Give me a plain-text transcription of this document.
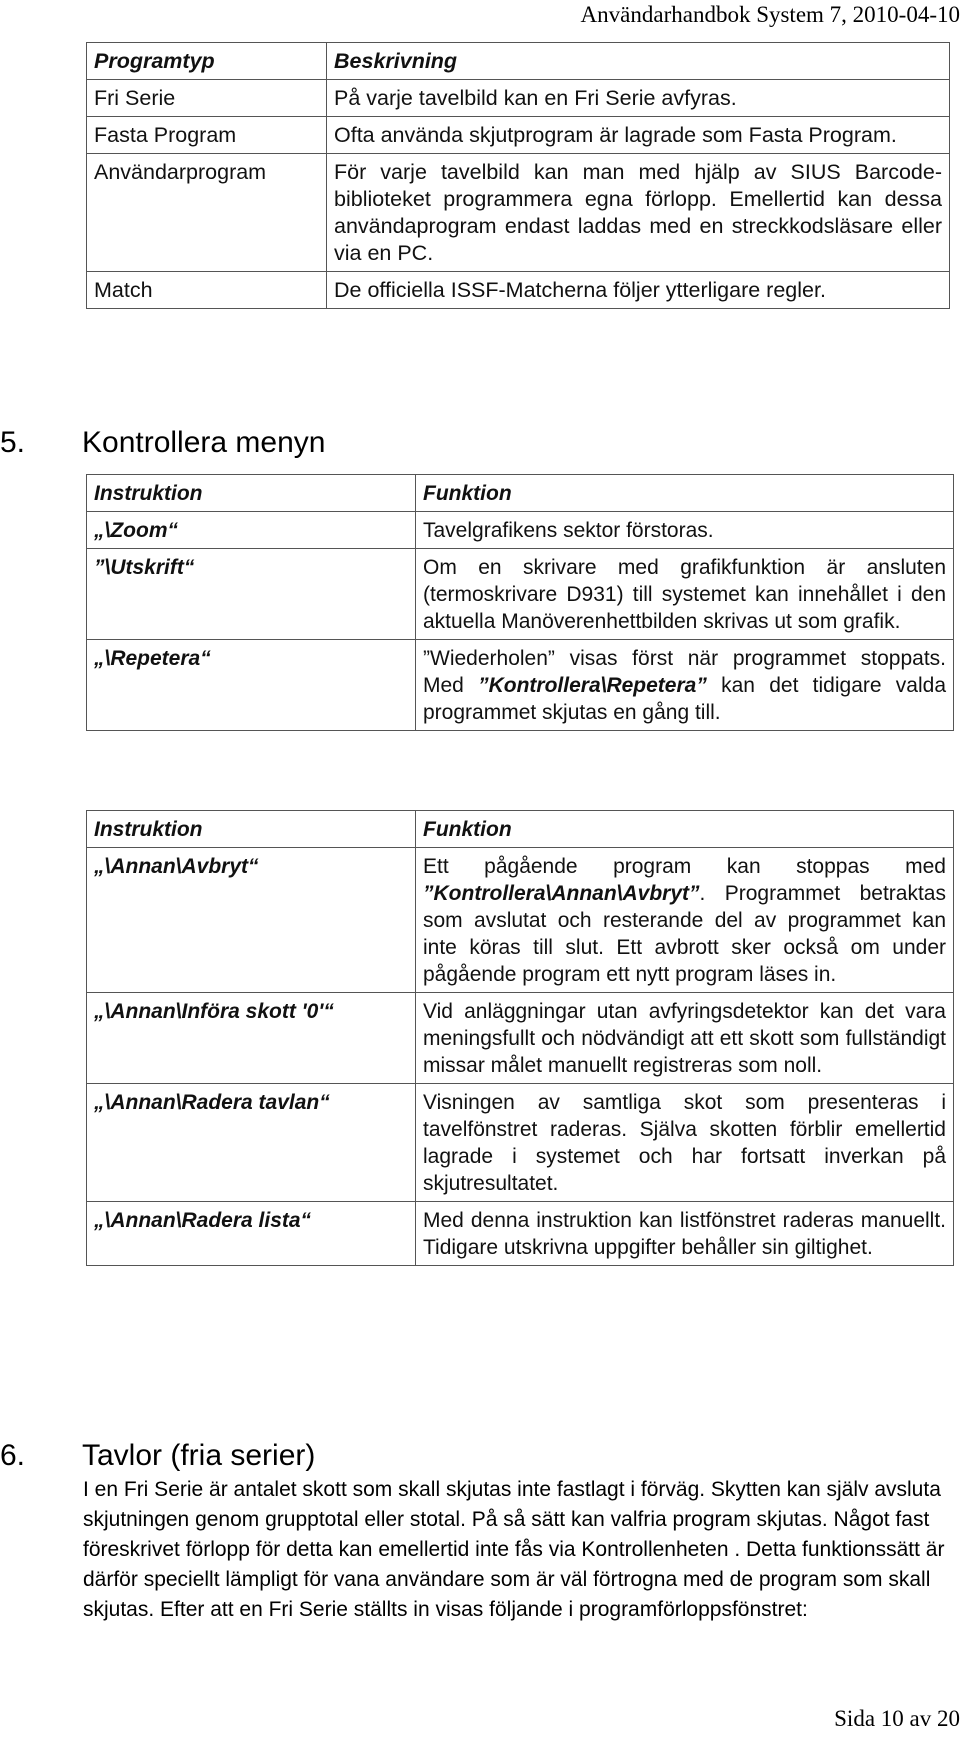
Användarhandbok System 7, 2010-04-10
Programtyp	Beskrivning
Fri Serie	På varje tavelbild kan en Fri Serie avfyras.
Fasta Program	Ofta använda skjutprogram är lagrade som Fasta Program.
Användarprogram	För varje tavelbild kan man med hjälp av SIUS Barcode-biblioteket programmera egna förlopp. Emellertid kan dessa användaprogram endast laddas med en streckkodsläsare eller via en PC.
Match	De officiella ISSF-Matcherna följer ytterligare regler.
5. Kontrollera menyn
Instruktion	Funktion
„\Zoom“	Tavelgrafikens sektor förstoras.
”\Utskrift“	Om en skrivare med grafikfunktion är ansluten (termoskrivare D931) till systemet kan innehållet i den aktuella Manöverenhettbilden skrivas ut som grafik.
„\Repetera“	”Wiederholen” visas först när programmet stoppats. Med ”Kontrollera\Repetera” kan det tidigare valda programmet skjutas en gång till.
Instruktion	Funktion
„\Annan\Avbryt“	Ett pågående program kan stoppas med ”Kontrollera\Annan\Avbryt”. Programmet betraktas som avslutat och resterande del av programmet kan inte köras till slut. Ett avbrott sker också om under pågående program ett nytt program läses in.
„\Annan\Införa skott '0'“	Vid anläggningar utan avfyringsdetektor kan det vara meningsfullt och nödvändigt att ett skott som fullständigt missar målet manuellt registreras som noll.
„\Annan\Radera tavlan“	Visningen av samtliga skot som presenteras i tavelfönstret raderas. Själva skotten förblir emellertid lagrade i systemet och har fortsatt inverkan på skjutresultatet.
„\Annan\Radera lista“	Med denna instruktion kan listfönstret raderas manuellt. Tidigare utskrivna uppgifter behåller sin giltighet.
6. Tavlor (fria serier)
I en Fri Serie är antalet skott som skall skjutas inte fastlagt i förväg. Skytten kan själv avsluta skjutningen genom grupptotal eller stotal. På så sätt kan valfria program skjutas. Något fast föreskrivet förlopp för detta kan emellertid inte fås via Kontrollenheten . Detta funktionssätt är därför speciellt lämpligt för vana användare som är väl förtrogna med de program som skall skjutas. Efter att en Fri Serie ställts in visas följande i programförloppsfönstret:
Sida 10 av 20
